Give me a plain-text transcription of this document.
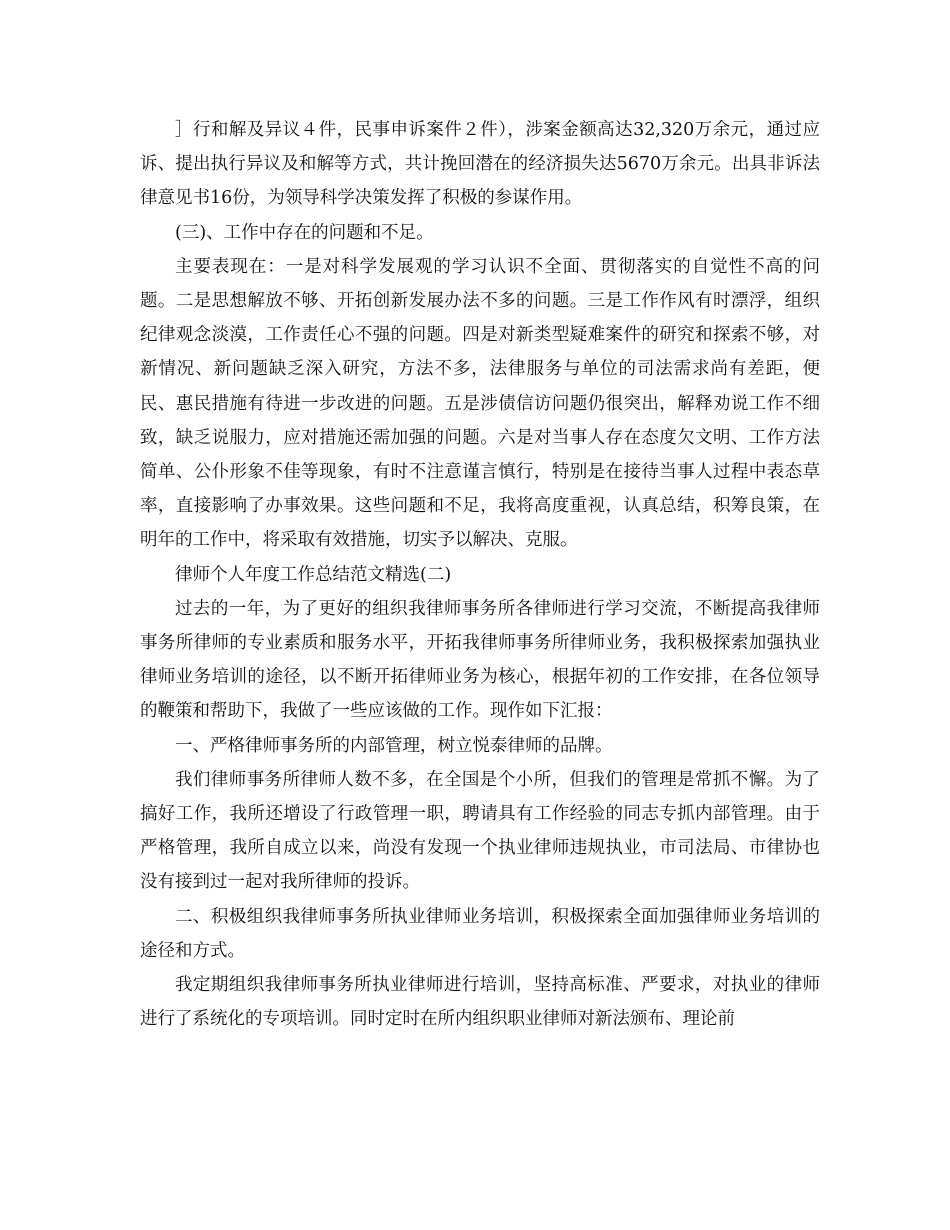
］行和解及异议４件，民事申诉案件２件），涉案金额高达32,320万余元，通过应诉、提出执行异议及和解等方式，共计挽回潜在的经济损失达5670万余元。出具非诉法律意见书16份，为领导科学决策发挥了积极的参谋作用。

(三)、工作中存在的问题和不足。

主要表现在：一是对科学发展观的学习认识不全面、贯彻落实的自觉性不高的问题。二是思想解放不够、开拓创新发展办法不多的问题。三是工作作风有时漂浮，组织纪律观念淡漠，工作责任心不强的问题。四是对新类型疑难案件的研究和探索不够，对新情况、新问题缺乏深入研究，方法不多，法律服务与单位的司法需求尚有差距，便民、惠民措施有待进一步改进的问题。五是涉债信访问题仍很突出，解释劝说工作不细致，缺乏说服力，应对措施还需加强的问题。六是对当事人存在态度欠文明、工作方法简单、公仆形象不佳等现象，有时不注意谨言慎行，特别是在接待当事人过程中表态草率，直接影响了办事效果。这些问题和不足，我将高度重视，认真总结，积筹良策，在明年的工作中，将采取有效措施，切实予以解决、克服。

律师个人年度工作总结范文精选(二)

过去的一年，为了更好的组织我律师事务所各律师进行学习交流，不断提高我律师事务所律师的专业素质和服务水平，开拓我律师事务所律师业务，我积极探索加强执业律师业务培训的途径，以不断开拓律师业务为核心，根据年初的工作安排，在各位领导的鞭策和帮助下，我做了一些应该做的工作。现作如下汇报：

一、严格律师事务所的内部管理，树立悦泰律师的品牌。

我们律师事务所律师人数不多，在全国是个小所，但我们的管理是常抓不懈。为了搞好工作，我所还增设了行政管理一职，聘请具有工作经验的同志专抓内部管理。由于严格管理，我所自成立以来，尚没有发现一个执业律师违规执业，市司法局、市律协也没有接到过一起对我所律师的投诉。

二、积极组织我律师事务所执业律师业务培训，积极探索全面加强律师业务培训的途径和方式。

我定期组织我律师事务所执业律师进行培训，坚持高标准、严要求，对执业的律师进行了系统化的专项培训。同时定时在所内组织职业律师对新法颁布、理论前
